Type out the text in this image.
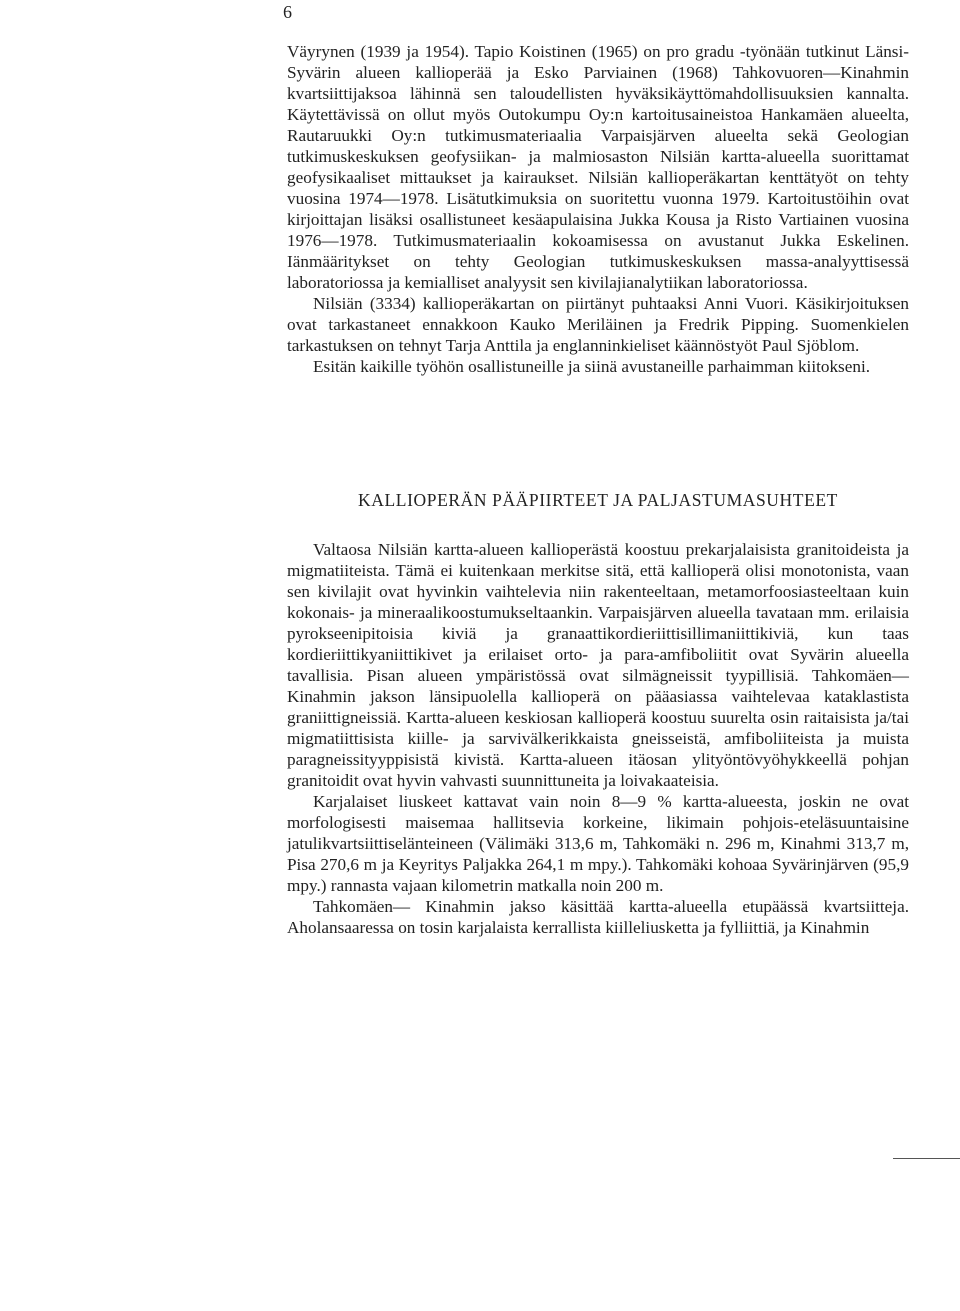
6

Väyrynen (1939 ja 1954). Tapio Koistinen (1965) on pro gradu -työnään tutkinut Länsi-Syvärin alueen kallioperää ja Esko Parviainen (1968) Tahkovuoren—Kinahmin kvartsiittijaksoa lähinnä sen taloudellisten hyväksikäyttömahdollisuuksien kannalta. Käytettävissä on ollut myös Outokumpu Oy:n kartoitusaineistoa Hankamäen alueelta, Rautaruukki Oy:n tutkimusmateriaalia Varpaisjärven alueelta sekä Geologian tutkimuskeskuksen geofysiikan- ja malmiosaston Nilsiän kartta-alueella suorittamat geofysikaaliset mittaukset ja kairaukset. Nilsiän kallioperäkartan kenttätyöt on tehty vuosina 1974—1978. Lisätutkimuksia on suoritettu vuonna 1979. Kartoitustöihin ovat kirjoittajan lisäksi osallistuneet kesäapulaisina Jukka Kousa ja Risto Vartiainen vuosina 1976—1978. Tutkimusmateriaalin kokoamisessa on avustanut Jukka Eskelinen. Iänmääritykset on tehty Geologian tutkimuskeskuksen massa-analyyttisessä laboratoriossa ja kemialliset analyysit sen kivilajianalytiikan laboratoriossa.

Nilsiän (3334) kallioperäkartan on piirtänyt puhtaaksi Anni Vuori. Käsikirjoituksen ovat tarkastaneet ennakkoon Kauko Meriläinen ja Fredrik Pipping. Suomenkielen tarkastuksen on tehnyt Tarja Anttila ja englanninkieliset käännöstyöt Paul Sjöblom.

Esitän kaikille työhön osallistuneille ja siinä avustaneille parhaimman kiitokseni.

KALLIOPERÄN PÄÄPIIRTEET JA PALJASTUMASUHTEET

Valtaosa Nilsiän kartta-alueen kallioperästä koostuu prekarjalaisista granitoideista ja migmatiiteista. Tämä ei kuitenkaan merkitse sitä, että kallioperä olisi monotonista, vaan sen kivilajit ovat hyvinkin vaihtelevia niin rakenteeltaan, metamorfoosiasteeltaan kuin kokonais- ja mineraalikoostumukseltaankin. Varpaisjärven alueella tavataan mm. erilaisia pyrokseenipitoisia kiviä ja granaattikordieriittisillimaniittikiviä, kun taas kordieriittikyaniittikivet ja erilaiset orto- ja para-amfiboliitit ovat Syvärin alueella tavallisia. Pisan alueen ympäristössä ovat silmägneissit tyypillisiä. Tahkomäen—Kinahmin jakson länsipuolella kallioperä on pääasiassa vaihtelevaa kataklastista graniittigneissiä. Kartta-alueen keskiosan kallioperä koostuu suurelta osin raitaisista ja/tai migmatiittisista kiille- ja sarvivälkerikkaista gneisseistä, amfiboliiteista ja muista paragneissityyppisistä kivistä. Kartta-alueen itäosan ylityöntövyöhykkeellä pohjan granitoidit ovat hyvin vahvasti suunnittuneita ja loivakaateisia.

Karjalaiset liuskeet kattavat vain noin 8—9 % kartta-alueesta, joskin ne ovat morfologisesti maisemaa hallitsevia korkeine, likimain pohjois-eteläsuuntaisine jatulikvartsiittiselänteineen (Välimäki 313,6 m, Tahkomäki n. 296 m, Kinahmi 313,7 m, Pisa 270,6 m ja Keyritys Paljakka 264,1 m mpy.). Tahkomäki kohoaa Syvärinjärven (95,9 mpy.) rannasta vajaan kilometrin matkalla noin 200 m.

Tahkomäen— Kinahmin jakso käsittää kartta-alueella etupäässä kvartsiitteja. Aholansaaressa on tosin karjalaista kerrallista kiilleliusketta ja fylliittiä, ja Kinahmin
